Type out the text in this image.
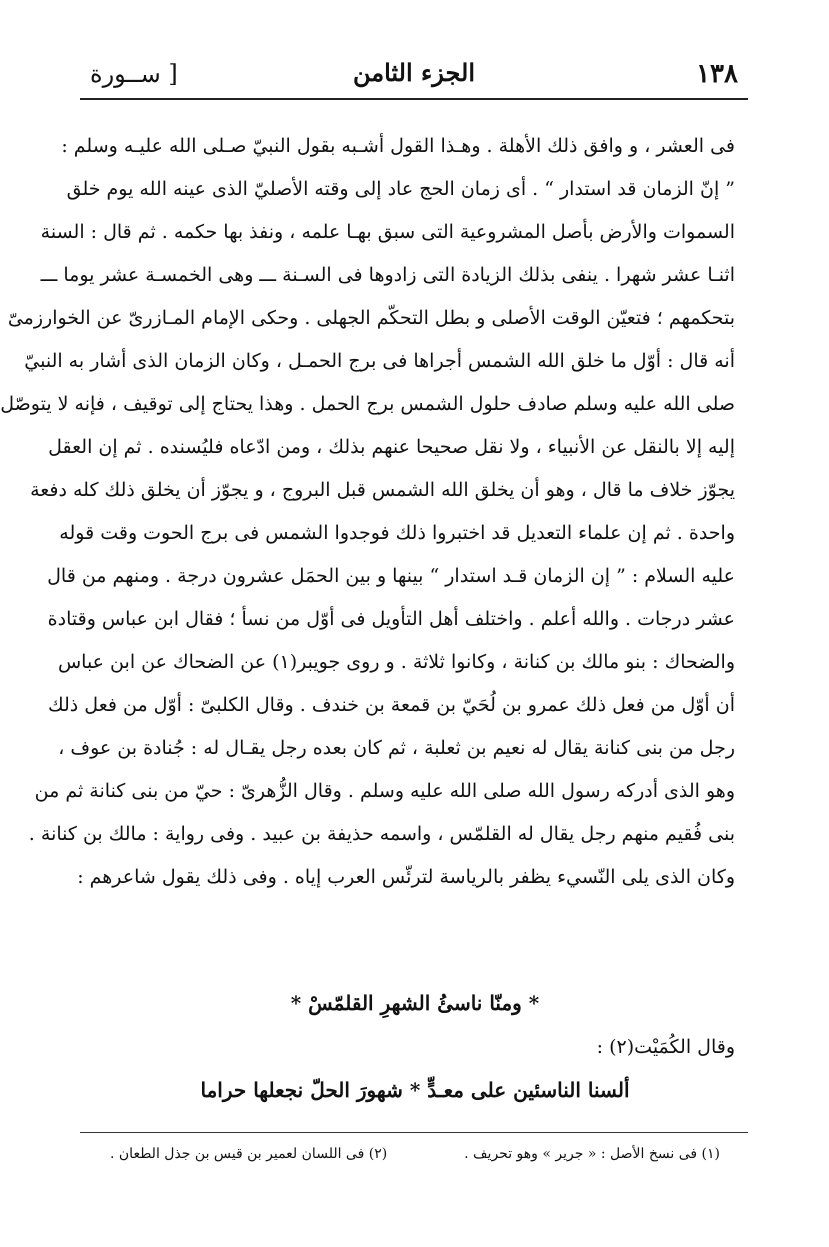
١٣٨
الجزء الثامن
[ ســورة
فى العشر ، و وافق ذلك الأهلة . وهـذا القول أشـبه بقول النبيّ صـلى الله عليـه وسلم :
” إنّ الزمان قد استدار “ . أى زمان الحج عاد إلى وقته الأصليّ الذى عينه الله يوم خلق
السموات والأرض بأصل المشروعية التى سبق بهـا علمه ، ونفذ بها حكمه . ثم قال : السنة
اثنـا عشر شهرا . ينفى بذلك الزيادة التى زادوها فى السـنة ـــ وهى الخمسـة عشر يوما ـــ
بتحكمهم ؛ فتعيّن الوقت الأصلى و بطل التحكّم الجهلى . وحكى الإمام المـازرىّ عن الخوارزمىّ
أنه قال : أوّل ما خلق الله الشمس أجراها فى برج الحمـل ، وكان الزمان الذى أشار به النبيّ
صلى الله عليه وسلم صادف حلول الشمس برج الحمل . وهذا يحتاج إلى توقيف ، فإنه لا يتوصّل
إليه إلا بالنقل عن الأنبياء ، ولا نقل صحيحا عنهم بذلك ، ومن ادّعاه فليُسنده . ثم إن العقل
يجوّز خلاف ما قال ، وهو أن يخلق الله الشمس قبل البروج ، و يجوّز أن يخلق ذلك كله دفعة
واحدة . ثم إن علماء التعديل قد اختبروا ذلك فوجدوا الشمس فى برج الحوت وقت قوله
عليه السلام : ” إن الزمان قـد استدار “ بينها و بين الحمَل عشرون درجة . ومنهم من قال
عشر درجات . والله أعلم . واختلف أهل التأويل فى أوّل من نسأ ؛ فقال ابن عباس وقتادة
والضحاك : بنو مالك بن كنانة ، وكانوا ثلاثة . و روى جويبر(١) عن الضحاك عن ابن عباس
أن أوّل من فعل ذلك عمرو بن لُحَيّ بن قمعة بن خندف . وقال الكلبىّ : أوّل من فعل ذلك
رجل من بنى كنانة يقال له نعيم بن ثعلبة ، ثم كان بعده رجل يقـال له : جُنادة بن عوف ،
وهو الذى أدركه رسول الله صلى الله عليه وسلم . وقال الزُّهرىّ : حيّ من بنى كنانة ثم من
بنى فُقيم منهم رجل يقال له القلمّس ، واسمه حذيفة بن عبيد . وفى رواية : مالك بن كنانة .
وكان الذى يلى النّسيء يظفر بالرياسة لترئّس العرب إياه . وفى ذلك يقول شاعرهم :
* ومنّا ناسئُ الشهرِ القلمّسْ *
وقال الكُمَيْت(٢) :
ألسنا الناسئين على معـدٍّ * شهورَ الحلّ نجعلها حراما
(١) فى نسخ الأصل : « جرير » وهو تحريف .
(٢) فى اللسان لعمير بن قيس بن جذل الطعان .
